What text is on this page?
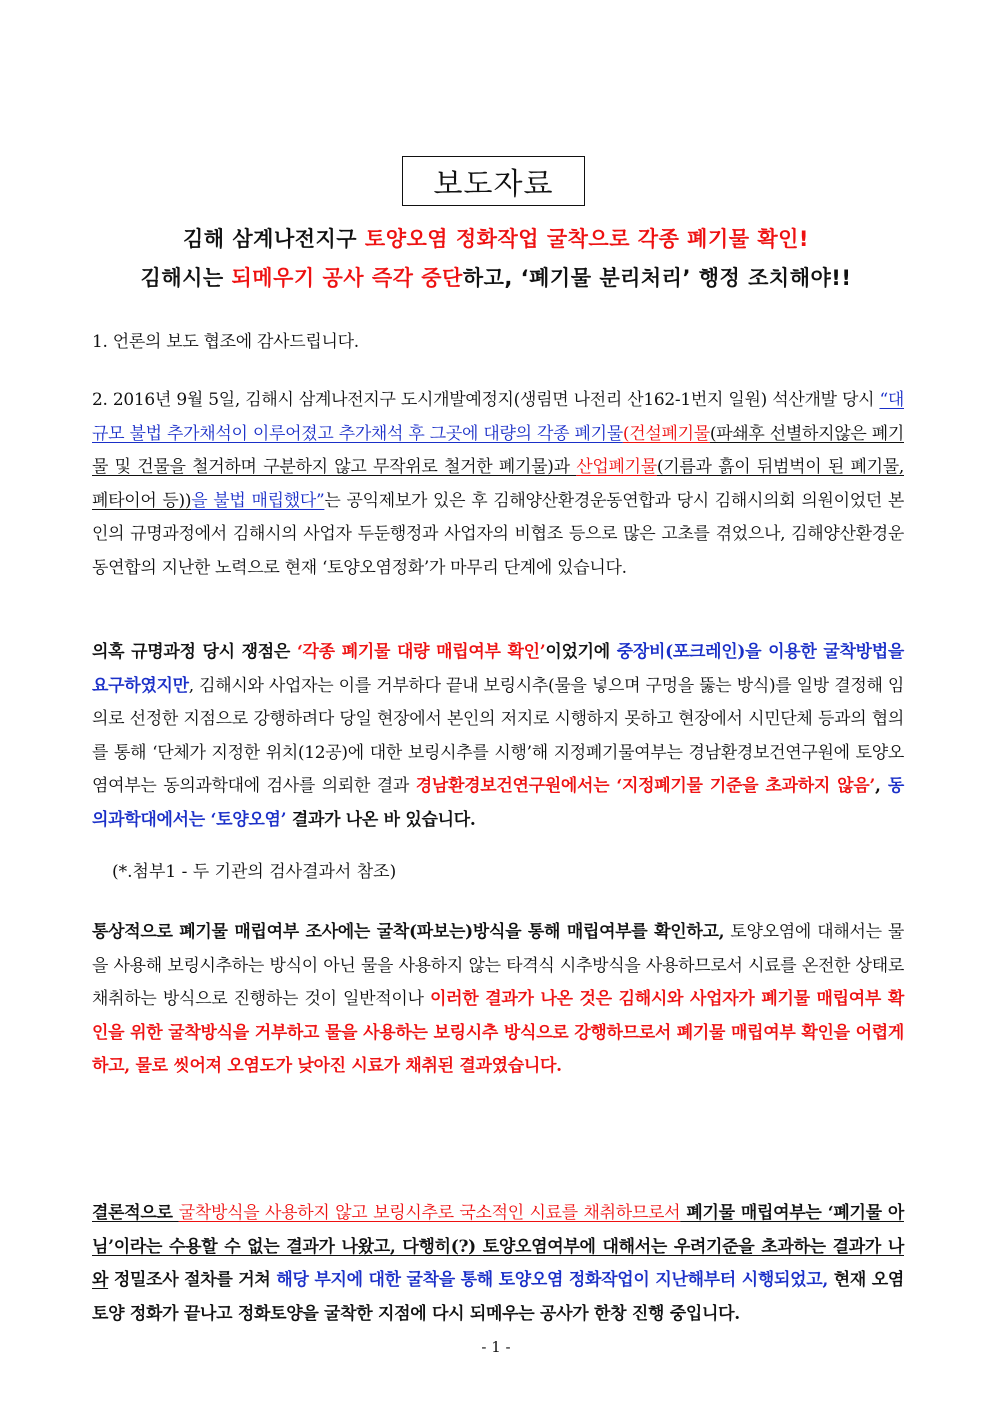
보도자료
김해 삼계나전지구 토양오염 정화작업 굴착으로 각종 폐기물 확인!
김해시는 되메우기 공사 즉각 중단하고, ‘폐기물 분리처리’ 행정 조치해야!!
1. 언론의 보도 협조에 감사드립니다.
2. 2016년 9월 5일, 김해시 삼계나전지구 도시개발예정지(생림면 나전리 산162-1번지 일원) 석산개발 당시 “대규모 불법 추가채석이 이루어졌고 추가채석 후 그곳에 대량의 각종 폐기물(건설폐기물(파쇄후 선별하지않은 폐기물 및 건물을 철거하며 구분하지 않고 무작위로 철거한 폐기물)과 산업폐기물(기름과 흙이 뒤범벅이 된 폐기물, 폐타이어 등))을 불법 매립했다”는 공익제보가 있은 후 김해양산환경운동연합과 당시 김해시의회 의원이었던 본인의 규명과정에서 김해시의 사업자 두둔행정과 사업자의 비협조 등으로 많은 고초를 겪었으나, 김해양산환경운동연합의 지난한 노력으로 현재 ‘토양오염정화’가 마무리 단계에 있습니다.
의혹 규명과정 당시 쟁점은 ‘각종 폐기물 대량 매립여부 확인’이었기에 중장비(포크레인)을 이용한 굴착방법을 요구하였지만, 김해시와 사업자는 이를 거부하다 끝내 보링시추(물을 넣으며 구멍을 뚫는 방식)를 일방 결정해 임의로 선정한 지점으로 강행하려다 당일 현장에서 본인의 저지로 시행하지 못하고 현장에서 시민단체 등과의 협의를 통해 ‘단체가 지정한 위치(12공)에 대한 보링시추를 시행’해 지정폐기물여부는 경남환경보건연구원에 토양오염여부는 동의과학대에 검사를 의뢰한 결과 경남환경보건연구원에서는 ‘지정폐기물 기준을 초과하지 않음’, 동의과학대에서는 ‘토양오염’ 결과가 나온 바 있습니다.
(*.첨부1 - 두 기관의 검사결과서 참조)
통상적으로 폐기물 매립여부 조사에는 굴착(파보는)방식을 통해 매립여부를 확인하고, 토양오염에 대해서는 물을 사용해 보링시추하는 방식이 아닌 물을 사용하지 않는 타격식 시추방식을 사용하므로서 시료를 온전한 상태로 채취하는 방식으로 진행하는 것이 일반적이나 이러한 결과가 나온 것은 김해시와 사업자가 폐기물 매립여부 확인을 위한 굴착방식을 거부하고 물을 사용하는 보링시추 방식으로 강행하므로서 폐기물 매립여부 확인을 어렵게 하고, 물로 씻어져 오염도가 낮아진 시료가 채취된 결과였습니다.
결론적으로 굴착방식을 사용하지 않고 보링시추로 국소적인 시료를 채취하므로서 폐기물 매립여부는 ‘폐기물 아님’이라는 수용할 수 없는 결과가 나왔고, 다행히(?) 토양오염여부에 대해서는 우려기준을 초과하는 결과가 나와 정밀조사 절차를 거쳐 해당 부지에 대한 굴착을 통해 토양오염 정화작업이 지난해부터 시행되었고, 현재 오염토양 정화가 끝나고 정화토양을 굴착한 지점에 다시 되메우는 공사가 한창 진행 중입니다.
- 1 -
